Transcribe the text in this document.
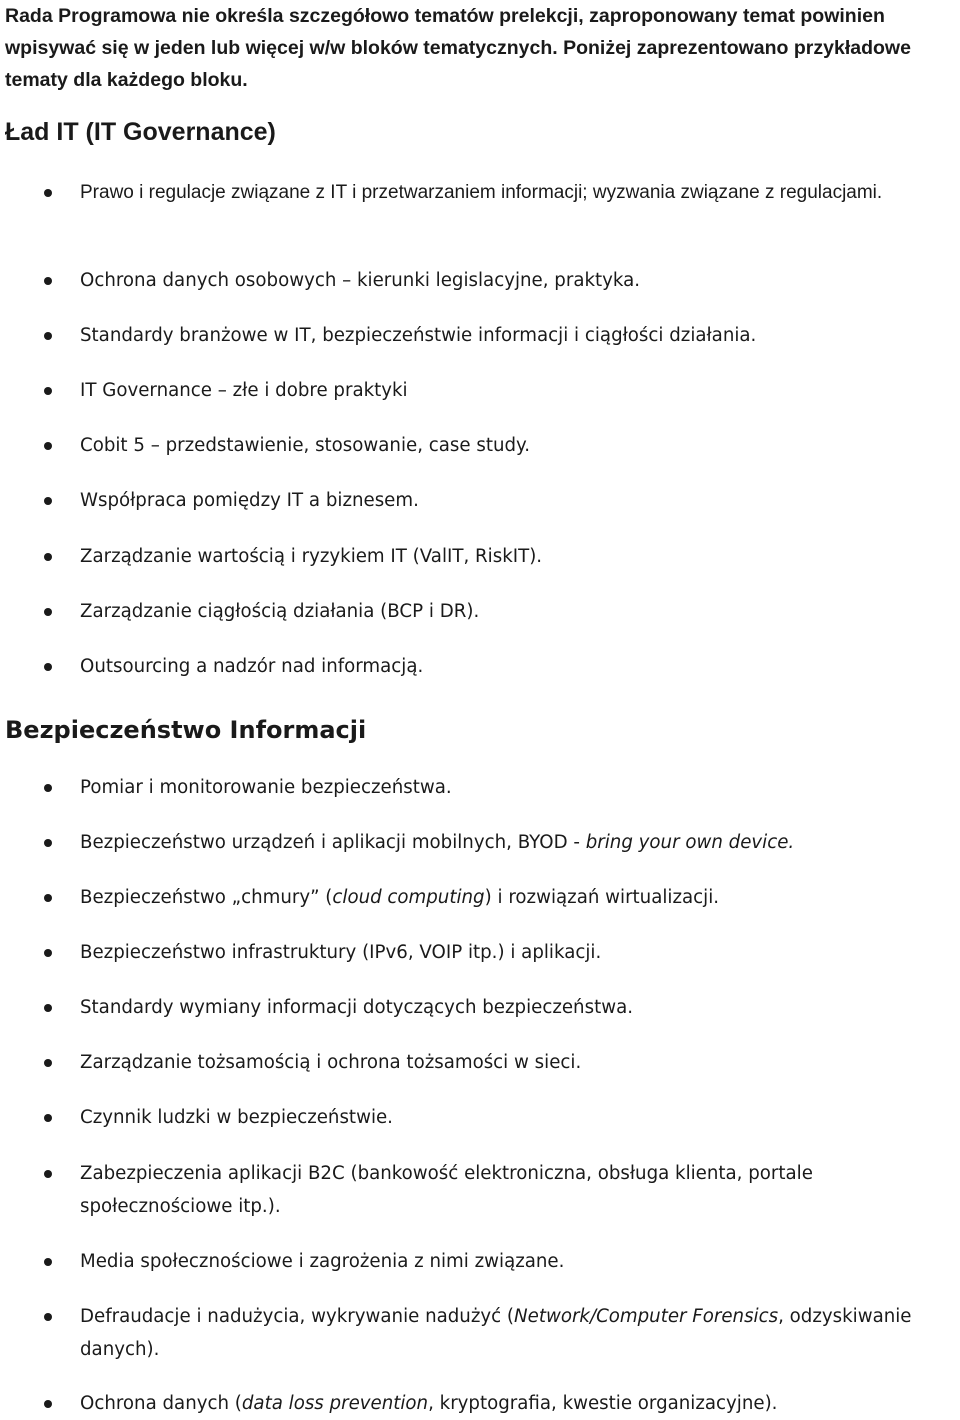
Rada Programowa nie określa szczegółowo tematów prelekcji, zaproponowany temat powinien wpisywać się w jeden lub więcej w/w bloków tematycznych. Poniżej zaprezentowano przykładowe tematy dla każdego bloku.

Ład IT (IT Governance)
Prawo i regulacje związane z IT i przetwarzaniem informacji; wyzwania związane z regulacjami.
Ochrona danych osobowych – kierunki legislacyjne, praktyka.
Standardy branżowe w IT, bezpieczeństwie informacji i ciągłości działania.
IT Governance – złe i dobre praktyki
Cobit 5 – przedstawienie, stosowanie, case study.
Współpraca pomiędzy IT a biznesem.
Zarządzanie wartością i ryzykiem IT (ValIT, RiskIT).
Zarządzanie ciągłością działania (BCP i DR).
Outsourcing a nadzór nad informacją.
Bezpieczeństwo Informacji
Pomiar i monitorowanie bezpieczeństwa.
Bezpieczeństwo urządzeń i aplikacji mobilnych, BYOD - bring your own device.
Bezpieczeństwo „chmury” (cloud computing) i rozwiązań wirtualizacji.
Bezpieczeństwo infrastruktury (IPv6, VOIP itp.) i aplikacji.
Standardy wymiany informacji dotyczących bezpieczeństwa.
Zarządzanie tożsamością i ochrona tożsamości w sieci.
Czynnik ludzki w bezpieczeństwie.
Zabezpieczenia aplikacji B2C (bankowość elektroniczna, obsługa klienta, portale społecznościowe itp.).
Media społecznościowe i zagrożenia z nimi związane.
Defraudacje i nadużycia, wykrywanie nadużyć (Network/Computer Forensics, odzyskiwanie danych).
Ochrona danych (data loss prevention, kryptografia, kwestie organizacyjne).
